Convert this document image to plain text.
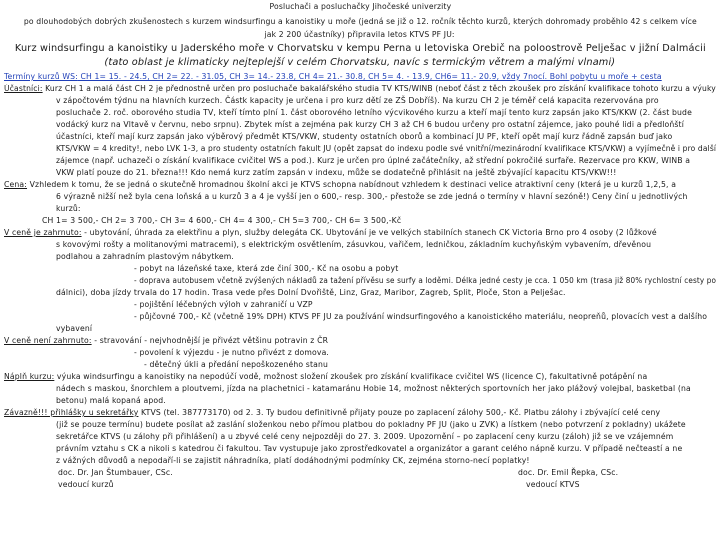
Posluchači a posluchačky Jihočeské univerzity
po dlouhodobých dobrých zkušenostech s kurzem windsurfingu a kanoistiky u moře (jedná se již o 12. ročník těchto kurzů, kterých dohromady proběhlo 42 s celkem více
jak 2 200 účastníky) připravila letos KTVS PF JU:
Kurz windsurfingu a kanoistiky u Jaderského moře v Chorvatsku v kempu Perna u letoviska Orebič na poloostrově Pelješac v jižní Dalmácii
(tato oblast je klimaticky nejteplejší v celém Chorvatsku, navíc s termickým větrem a malými vlnami)
Termíny kurzů WS: CH 1= 15. - 24.5, CH 2= 22. - 31.05, CH 3= 14.- 23.8, CH 4= 21.- 30.8, CH 5= 4. - 13.9, CH6= 11.- 20.9, vždy 7nocí. Bohl pobytu u moře + cesta
Účastníci: Kurz CH 1 a malá část CH 2 je přednostně určen pro posluchače bakalářského studia TV KTS/WINB (neboť část z těch zkoušek pro získání kvalifikace tohoto kurzu a výuky
v zápočtovém týdnu na hlavních kurzech. Částk kapacity je určena i pro kurz dětí ze ZŠ Dobříš). Na kurzu CH 2 je téměř celá kapacita rezervována pro
posluchače 2. roč. oborového studia TV, kteří tímto plní 1. část oborového letního výcvikového kurzu a kteří mají tento kurz zapsán jako KTS/KKW (2. část bude
vodácký kurz na Vltavě v červnu, nebo srpnu). Zbytek míst a zejména pak kurzy CH 3 až CH 6 budou určeny pro ostatní zájemce, jako pouhé lidi a předloňští
účastníci, kteří mají kurz zapsán jako výběrový předmět KTS/VKW, studenty ostatních oborů a kombinací JU PF, kteří opět mají kurz řádně zapsán buď jako
KTS/VKW = 4 kredity!, nebo LVK 1-3, a pro studenty ostatních fakult JU (opět zapsat do indexu podle své vnitřní/mezinárodní kvalifikace KTS/VKW) a vyjímečně i pro další
zájemce (např. uchazeči o získání kvalifikace cvičitel WS a pod.). Kurz je určen pro úplné začátečníky, až střední pokročilé surfaře. Rezervace pro KKW, WINB a
VKW platí pouze do 21. března!!! Kdo nemá kurz zatím zapsán v indexu, může se dodatečně přihlásit na ještě zbývající kapacitu KTS/VKW!!!
Cena: Vzhledem k tomu, že se jedná o skutečně hromadnou školní akci je KTVS schopna nabídnout vzhledem k destinaci velice atraktivní ceny (která je u kurzů 1,2,5, a
6 výrazně nižší než byla cena loňská a u kurzů 3 a 4 je vyšší jen o 600,- resp. 300,- přestože se zde jedná o termíny v hlavní sezóně!) Ceny činí u jednotlivých
kurzů:
CH 1= 3 500,- CH 2= 3 700,- CH 3= 4 600,- CH 4= 4 300,- CH 5=3 700,- CH 6= 3 500,-Kč
V ceně je zahrnuto: - ubytování, úhrada za elektřinu a plyn, služby delegáta CK. Ubytování je ve velkých stabilních stanech CK Victoria Brno pro 4 osoby (2 lůžkové
s kovovými rošty a molitanovými matracemi), s elektrickým osvětlením, zásuvkou, vařičem, ledničkou, základním kuchyňským vybavením, dřevěnou
podlahou a zahradním plastovým nábytkem.
- pobyt na lázeňské taxe, která zde činí 300,- Kč na osobu a pobyt
- doprava autobusem včetně zvýšených nákladů za tažení přívěsu se surfy a loděmi. Délka jedné cesty je cca. 1 050 km (trasa již 80% rychlostní cesty po
dálnici), doba jízdy trvala do 17 hodin. Trasa vede přes Dolní Dvořiště, Linz, Graz, Maribor, Zagreb, Split, Ploče, Ston a Pelješac.
- pojištění léčebných výloh v zahraničí u VZP
- půjčovné 700,- Kč (včetně 19% DPH) KTVS PF JU za používání windsurfingového a kanoistického materiálu, neopreňů, plovacích vest a dalšího
vybavení
V ceně není zahrnuto: - stravování - nejvhodnější je přivézt většinu potravin z ČR
- povolení k výjezdu - je nutno přivézt z domova.
- dětečný úkli a předání nepoškozeného stanu
Náplň kurzu: výuka windsurfingu a kanoistiky na nepodúčí vodě, možnost složení zkoušek pro získání kvalifikace cvičitel WS (licence C), fakultativně potápění na
nádech s maskou, šnorchlem a ploutvemi, jízda na plachetnici - katamaránu Hobie 14, možnost některých sportovních her jako plážový volejbal, basketbal (na
betonu) malá kopaná apod.
Závazně!!! přihlášky u sekretářky KTVS (tel. 387773170) od 2. 3. Ty budou definitivně přijaty pouze po zaplacení zálohy 500,- Kč. Platbu zálohy i zbývající celé ceny
(již se pouze termínu) budete posílat až zaslání složenkou nebo přímou platbou do pokladny PF JU (jako u ZVK) a lístkem (nebo potvrzení z pokladny) ukážete
sekretářce KTVS (u zálohy při přihlášení) a u zbyvé celé ceny nejpozději do 27. 3. 2009. Upozornění – po zaplacení ceny kurzu (záloh) již se ve vzájemném
právním vztahu s CK a nikoli s katedrou či fakultou. Tav vystupuje jako zprostředkovatel a organizátor a garant celého nápně kurzu. V případě nečteastí a ne
z vážných důvodů a nepodaří-li se zajistit náhradníka, platí dodáhodnými podmínky CK, zejména storno-necí poplatky!
doc. Dr. Jan Štumbauer, CSc.
vedoucí kurzů
doc. Dr. Emil Řepka, CSc.
vedoucí KTVS
